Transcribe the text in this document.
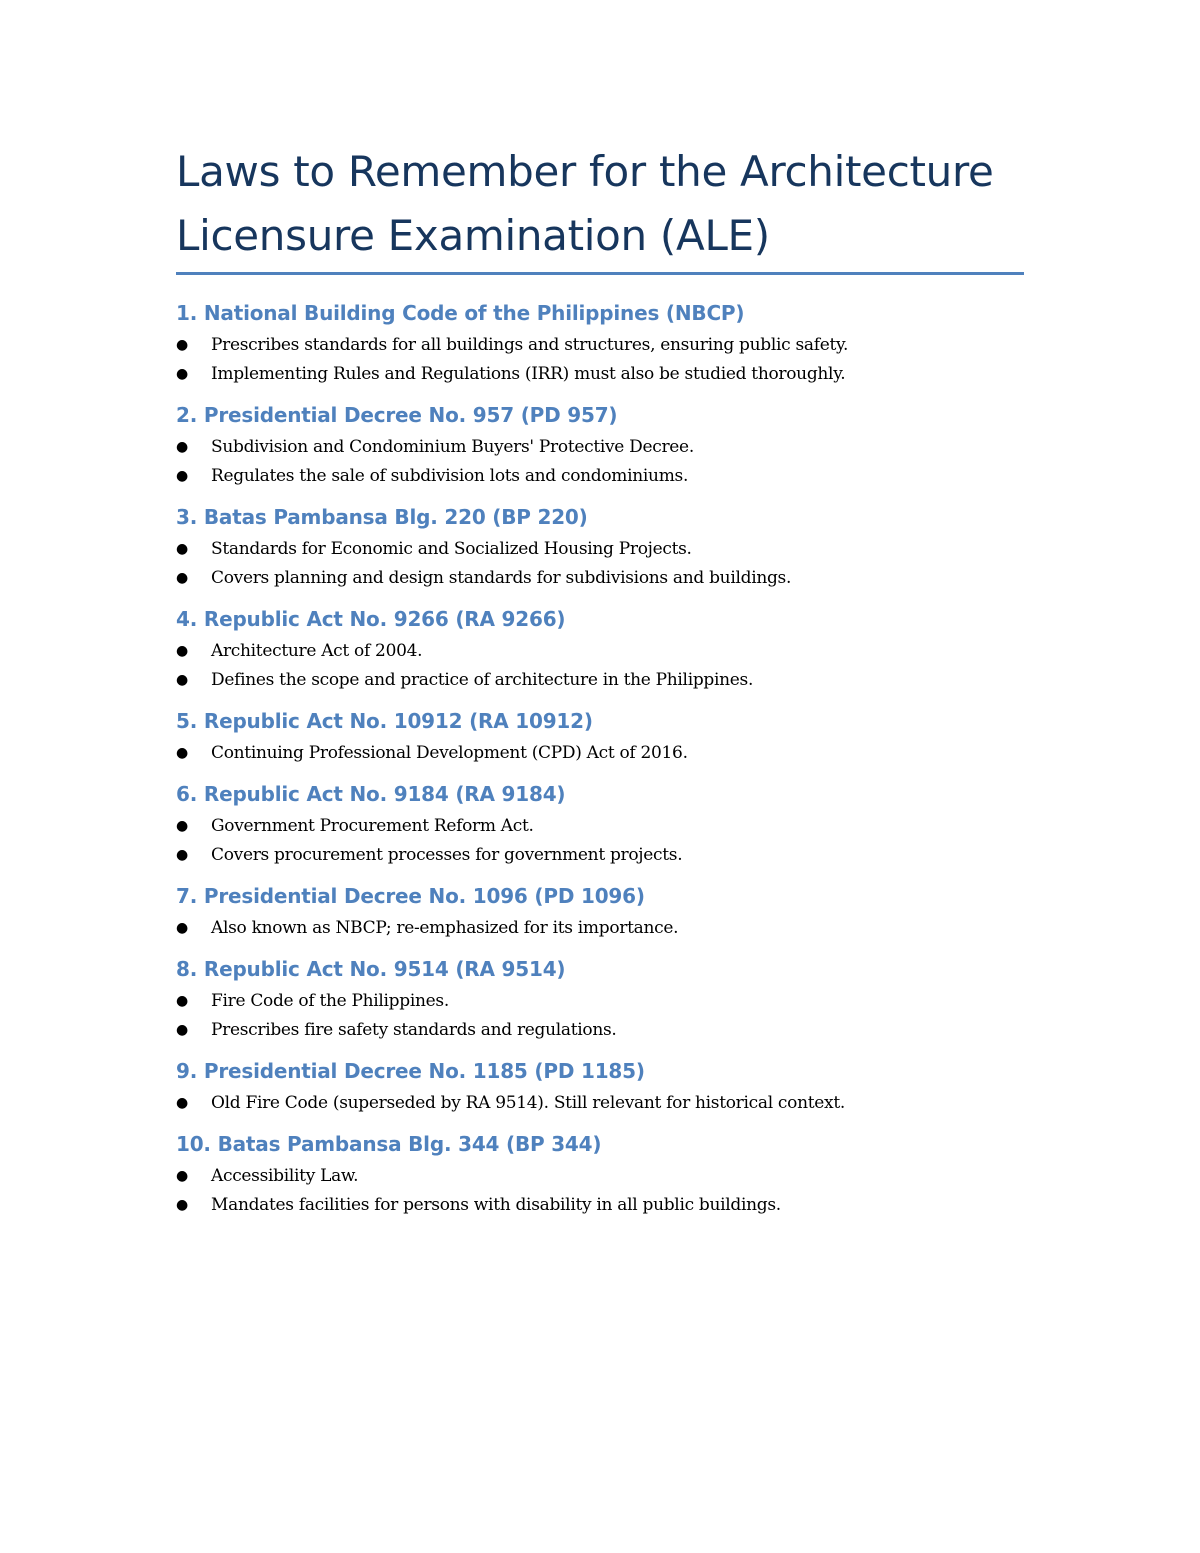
Laws to Remember for the Architecture
Licensure Examination (ALE)
1. National Building Code of the Philippines (NBCP)
● Prescribes standards for all buildings and structures, ensuring public safety.
● Implementing Rules and Regulations (IRR) must also be studied thoroughly.
2. Presidential Decree No. 957 (PD 957)
● Subdivision and Condominium Buyers' Protective Decree.
● Regulates the sale of subdivision lots and condominiums.
3. Batas Pambansa Blg. 220 (BP 220)
● Standards for Economic and Socialized Housing Projects.
● Covers planning and design standards for subdivisions and buildings.
4. Republic Act No. 9266 (RA 9266)
● Architecture Act of 2004.
● Defines the scope and practice of architecture in the Philippines.
5. Republic Act No. 10912 (RA 10912)
● Continuing Professional Development (CPD) Act of 2016.
6. Republic Act No. 9184 (RA 9184)
● Government Procurement Reform Act.
● Covers procurement processes for government projects.
7. Presidential Decree No. 1096 (PD 1096)
● Also known as NBCP; re-emphasized for its importance.
8. Republic Act No. 9514 (RA 9514)
● Fire Code of the Philippines.
● Prescribes fire safety standards and regulations.
9. Presidential Decree No. 1185 (PD 1185)
● Old Fire Code (superseded by RA 9514). Still relevant for historical context.
10. Batas Pambansa Blg. 344 (BP 344)
● Accessibility Law.
● Mandates facilities for persons with disability in all public buildings.
